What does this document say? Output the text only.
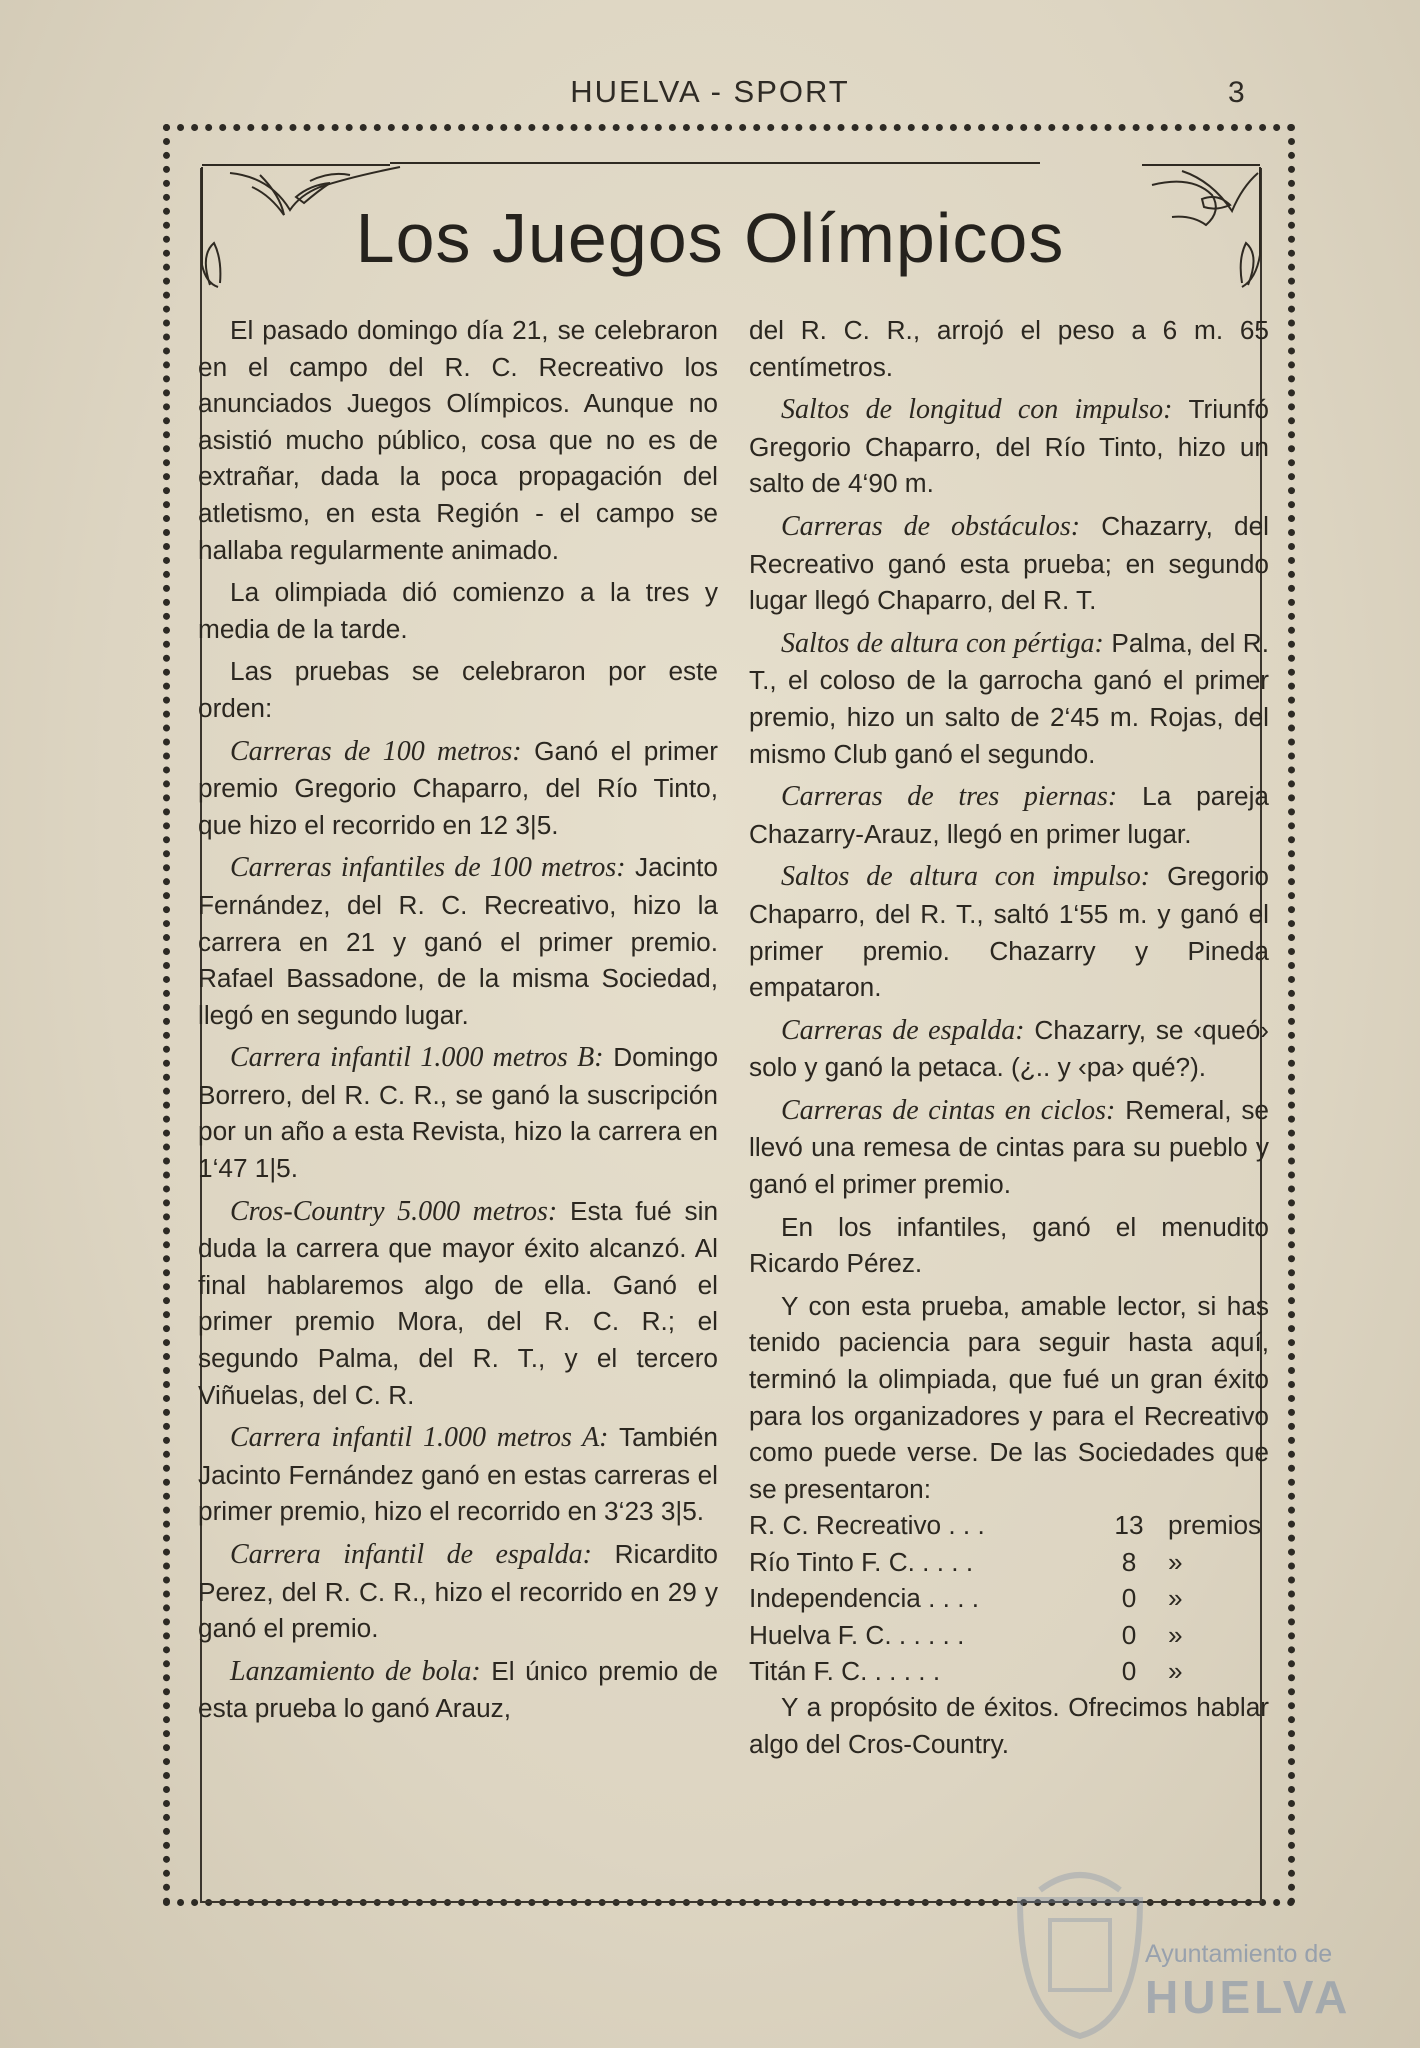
HUELVA - SPORT	3
Los Juegos Olímpicos

El pasado domingo día 21, se celebraron en el campo del R. C. Recreativo los anunciados Juegos Olímpicos. Aunque no asistió mucho público, cosa que no es de extrañar, dada la poca propagación del atletismo, en esta Región - el campo se hallaba regularmente animado.

La olimpiada dió comienzo a la tres y media de la tarde.

Las pruebas se celebraron por este orden:

Carreras de 100 metros: Ganó el primer premio Gregorio Chaparro, del Río Tinto, que hizo el recorrido en 12 3|5.

Carreras infantiles de 100 metros: Jacinto Fernández, del R. C. Recreativo, hizo la carrera en 21 y ganó el primer premio. Rafael Bassadone, de la misma Sociedad, llegó en segundo lugar.

Carrera infantil 1.000 metros B: Domingo Borrero, del R. C. R., se ganó la suscripción por un año a esta Revista, hizo la carrera en 1‘47 1|5.

Cros-Country 5.000 metros: Esta fué sin duda la carrera que mayor éxito alcanzó. Al final hablaremos algo de ella. Ganó el primer premio Mora, del R. C. R.; el segundo Palma, del R. T., y el tercero Viñuelas, del C. R.

Carrera infantil 1.000 metros A: También Jacinto Fernández ganó en estas carreras el primer premio, hizo el recorrido en 3‘23 3|5.

Carrera infantil de espalda: Ricardito Perez, del R. C. R., hizo el recorrido en 29 y ganó el premio.

Lanzamiento de bola: El único premio de esta prueba lo ganó Arauz,

del R. C. R., arrojó el peso a 6 m. 65 centímetros.

Saltos de longitud con impulso: Triunfó Gregorio Chaparro, del Río Tinto, hizo un salto de 4‘90 m.

Carreras de obstáculos: Chazarry, del Recreativo ganó esta prueba; en segundo lugar llegó Chaparro, del R. T.

Saltos de altura con pértiga: Palma, del R. T., el coloso de la garrocha ganó el primer premio, hizo un salto de 2‘45 m. Rojas, del mismo Club ganó el segundo.

Carreras de tres piernas: La pareja Chazarry-Arauz, llegó en primer lugar.

Saltos de altura con impulso: Gregorio Chaparro, del R. T., saltó 1‘55 m. y ganó el primer premio. Chazarry y Pineda empataron.

Carreras de espalda: Chazarry, se ‹queó› solo y ganó la petaca. (¿.. y ‹pa› qué?).

Carreras de cintas en ciclos: Remeral, se llevó una remesa de cintas para su pueblo y ganó el primer premio.

En los infantiles, ganó el menudito Ricardo Pérez.

Y con esta prueba, amable lector, si has tenido paciencia para seguir hasta aquí, terminó la olimpiada, que fué un gran éxito para los organizadores y para el Recreativo como puede verse. De las Sociedades que se presentaron:

R. C. Recreativo . . .	13	premios
Río Tinto F. C. . . . .	8	»
Independencia . . . .	0	»
Huelva F. C. . . . . .	0	»
Titán F. C. . . . . .	0	»

Y a propósito de éxitos. Ofrecimos hablar algo del Cros-Country.

Ayuntamiento de
HUELVA
